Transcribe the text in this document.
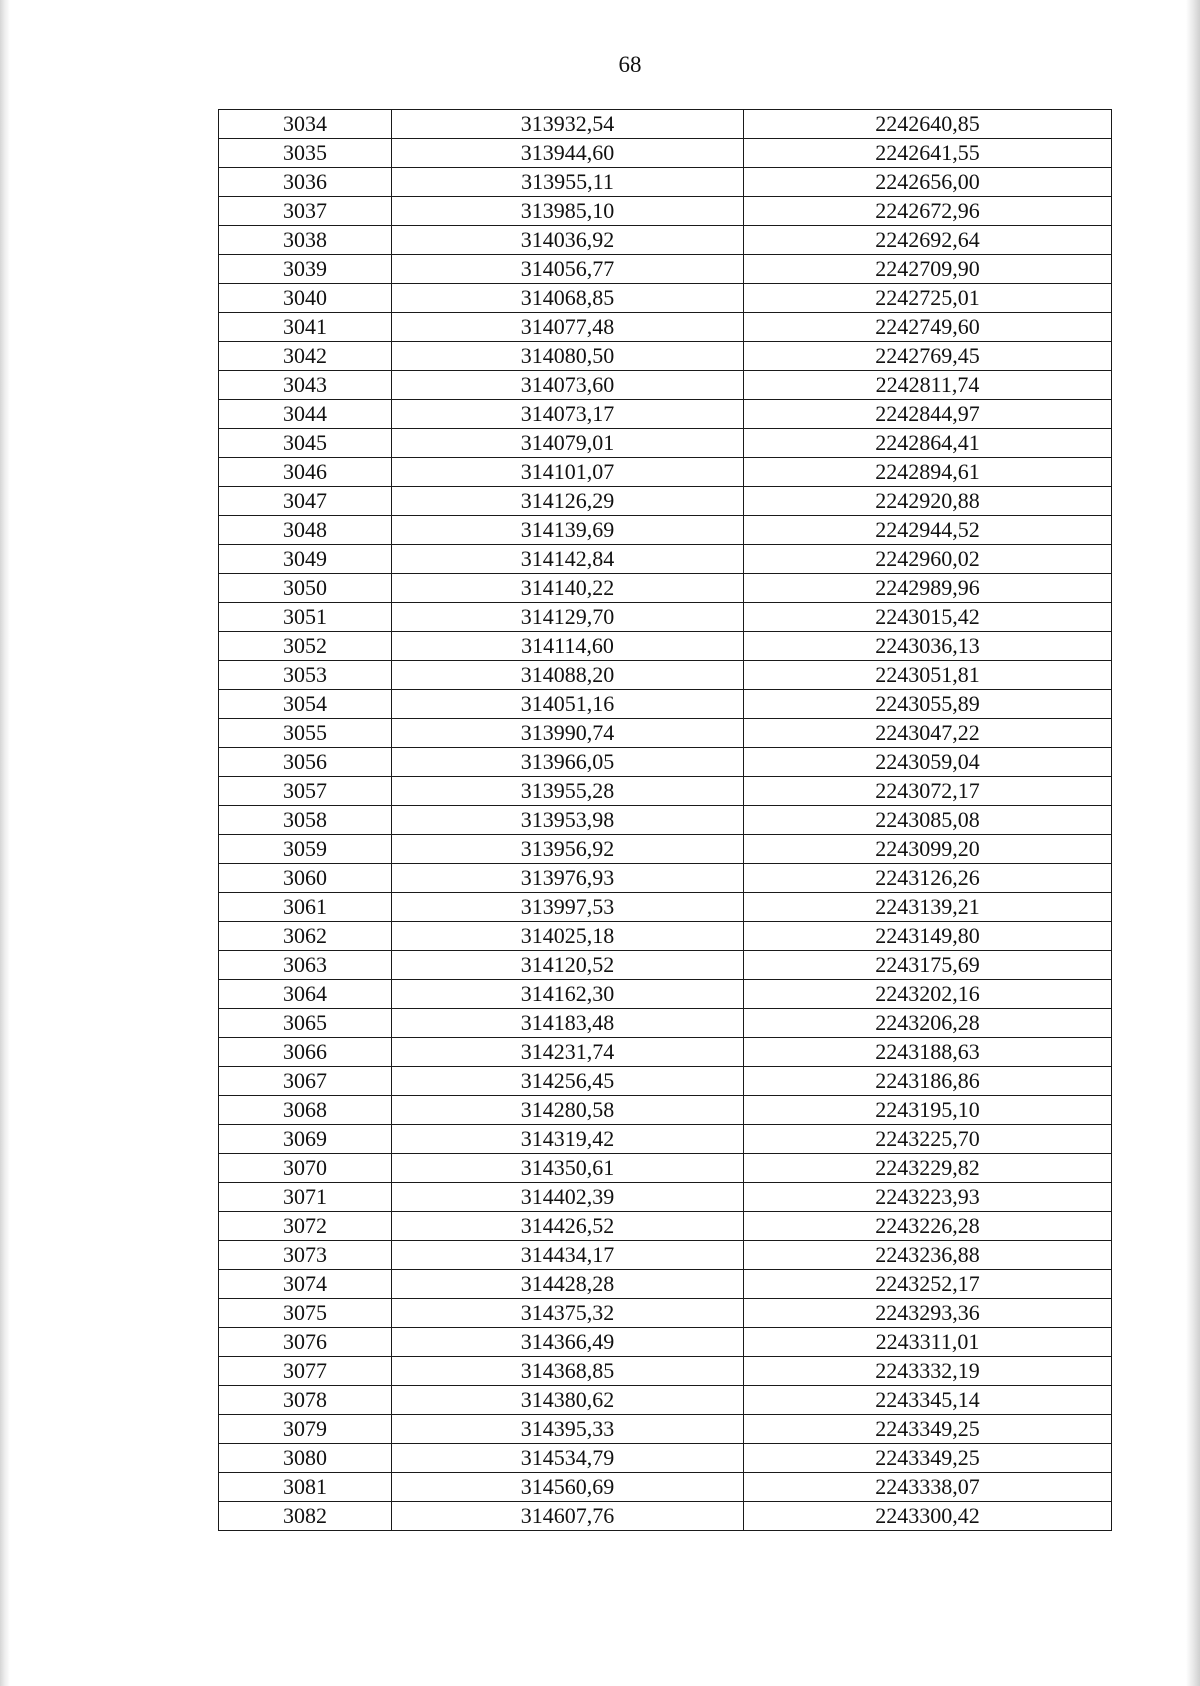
68
3034	313932,54	2242640,85
3035	313944,60	2242641,55
3036	313955,11	2242656,00
3037	313985,10	2242672,96
3038	314036,92	2242692,64
3039	314056,77	2242709,90
3040	314068,85	2242725,01
3041	314077,48	2242749,60
3042	314080,50	2242769,45
3043	314073,60	2242811,74
3044	314073,17	2242844,97
3045	314079,01	2242864,41
3046	314101,07	2242894,61
3047	314126,29	2242920,88
3048	314139,69	2242944,52
3049	314142,84	2242960,02
3050	314140,22	2242989,96
3051	314129,70	2243015,42
3052	314114,60	2243036,13
3053	314088,20	2243051,81
3054	314051,16	2243055,89
3055	313990,74	2243047,22
3056	313966,05	2243059,04
3057	313955,28	2243072,17
3058	313953,98	2243085,08
3059	313956,92	2243099,20
3060	313976,93	2243126,26
3061	313997,53	2243139,21
3062	314025,18	2243149,80
3063	314120,52	2243175,69
3064	314162,30	2243202,16
3065	314183,48	2243206,28
3066	314231,74	2243188,63
3067	314256,45	2243186,86
3068	314280,58	2243195,10
3069	314319,42	2243225,70
3070	314350,61	2243229,82
3071	314402,39	2243223,93
3072	314426,52	2243226,28
3073	314434,17	2243236,88
3074	314428,28	2243252,17
3075	314375,32	2243293,36
3076	314366,49	2243311,01
3077	314368,85	2243332,19
3078	314380,62	2243345,14
3079	314395,33	2243349,25
3080	314534,79	2243349,25
3081	314560,69	2243338,07
3082	314607,76	2243300,42
